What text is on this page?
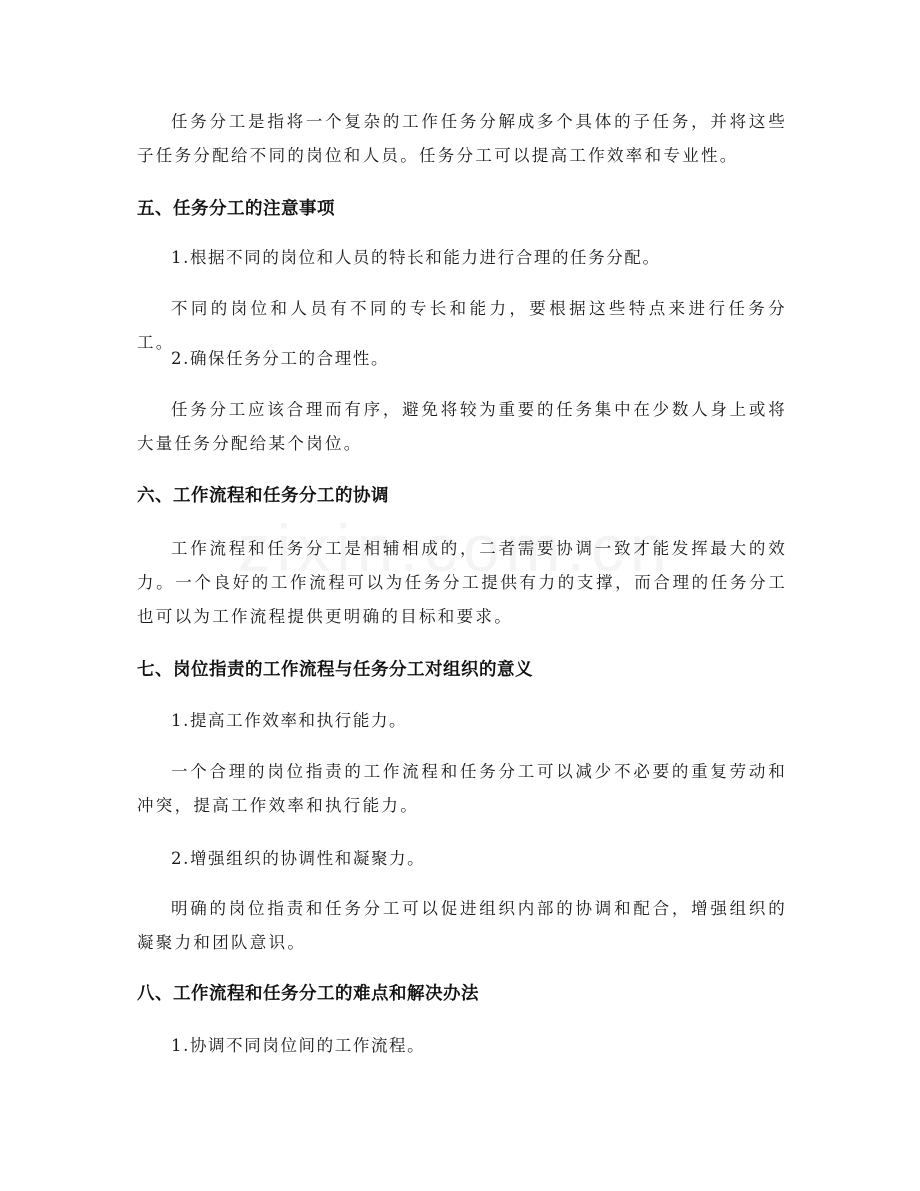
任务分工是指将一个复杂的工作任务分解成多个具体的子任务，并将这些子任务分配给不同的岗位和人员。任务分工可以提高工作效率和专业性。

五、任务分工的注意事项

1.根据不同的岗位和人员的特长和能力进行合理的任务分配。

不同的岗位和人员有不同的专长和能力，要根据这些特点来进行任务分工。

2.确保任务分工的合理性。

任务分工应该合理而有序，避免将较为重要的任务集中在少数人身上或将大量任务分配给某个岗位。

六、工作流程和任务分工的协调

工作流程和任务分工是相辅相成的，二者需要协调一致才能发挥最大的效力。一个良好的工作流程可以为任务分工提供有力的支撑，而合理的任务分工也可以为工作流程提供更明确的目标和要求。

七、岗位指责的工作流程与任务分工对组织的意义

1.提高工作效率和执行能力。

一个合理的岗位指责的工作流程和任务分工可以减少不必要的重复劳动和冲突，提高工作效率和执行能力。

2.增强组织的协调性和凝聚力。

明确的岗位指责和任务分工可以促进组织内部的协调和配合，增强组织的凝聚力和团队意识。

八、工作流程和任务分工的难点和解决办法

1.协调不同岗位间的工作流程。
